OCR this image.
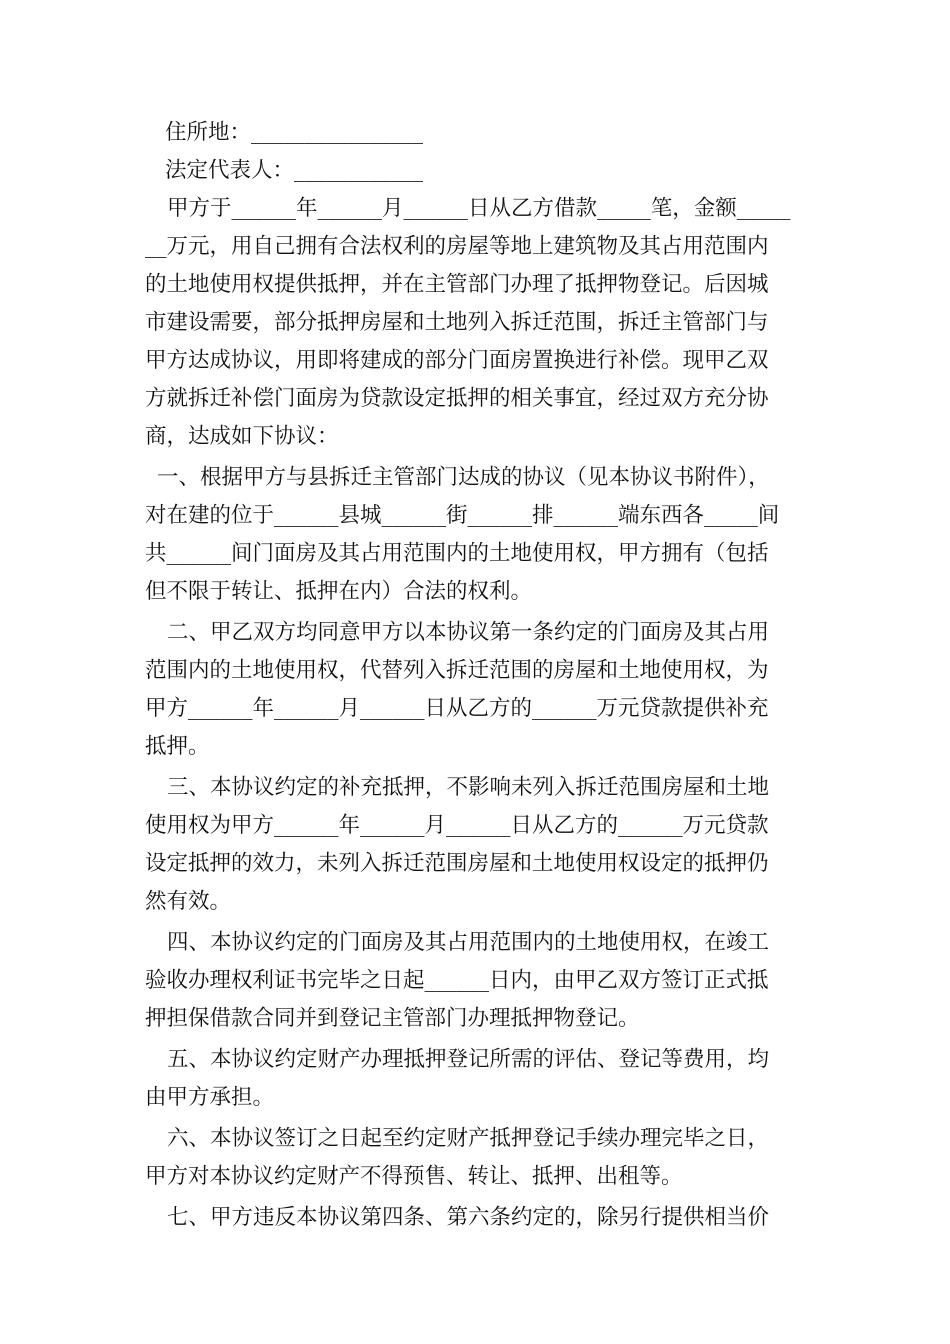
住所地：________________
法定代表人：____________
甲方于______年______月______日从乙方借款_____笔，金额_____
__万元，用自己拥有合法权利的房屋等地上建筑物及其占用范围内
的土地使用权提供抵押，并在主管部门办理了抵押物登记。后因城
市建设需要，部分抵押房屋和土地列入拆迁范围，拆迁主管部门与
甲方达成协议，用即将建成的部分门面房置换进行补偿。现甲乙双
方就拆迁补偿门面房为贷款设定抵押的相关事宜，经过双方充分协
商，达成如下协议：
一、根据甲方与县拆迁主管部门达成的协议（见本协议书附件），
对在建的位于______县城______街______排______端东西各_____间
共______间门面房及其占用范围内的土地使用权，甲方拥有（包括
但不限于转让、抵押在内）合法的权利。
二、甲乙双方均同意甲方以本协议第一条约定的门面房及其占用
范围内的土地使用权，代替列入拆迁范围的房屋和土地使用权，为
甲方______年______月______日从乙方的______万元贷款提供补充
抵押。
三、本协议约定的补充抵押，不影响未列入拆迁范围房屋和土地
使用权为甲方______年______月______日从乙方的______万元贷款
设定抵押的效力，未列入拆迁范围房屋和土地使用权设定的抵押仍
然有效。
四、本协议约定的门面房及其占用范围内的土地使用权，在竣工
验收办理权利证书完毕之日起______日内，由甲乙双方签订正式抵
押担保借款合同并到登记主管部门办理抵押物登记。
五、本协议约定财产办理抵押登记所需的评估、登记等费用，均
由甲方承担。
六、本协议签订之日起至约定财产抵押登记手续办理完毕之日，
甲方对本协议约定财产不得预售、转让、抵押、出租等。
七、甲方违反本协议第四条、第六条约定的，除另行提供相当价
